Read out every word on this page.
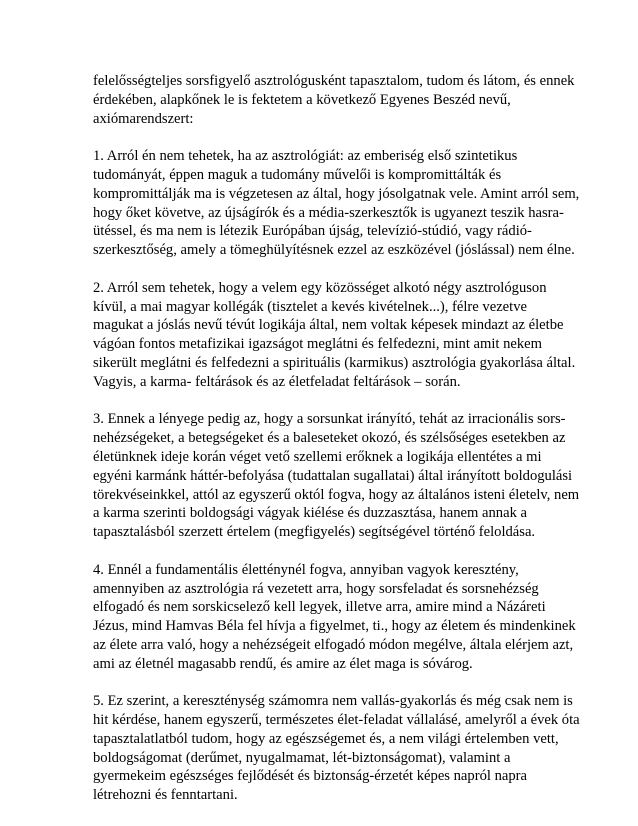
felelősségteljes sorsfigyelő asztrológusként tapasztalom, tudom és látom, és ennek
érdekében, alapkőnek le is fektetem a következő Egyenes Beszéd nevű,
axiómarendszert:

1. Arról én nem tehetek, ha az asztrológiát: az emberiség első szintetikus
tudományát, éppen maguk a tudomány művelői is kompromittálták és
kompromittálják ma is végzetesen az által, hogy jósolgatnak vele. Amint arról sem,
hogy őket követve, az újságírók és a média-szerkesztők is ugyanezt teszik hasra-
ütéssel, és ma nem is létezik Európában újság, televízió-stúdió, vagy rádió-
szerkesztőség, amely a tömeghülyítésnek ezzel az eszközével (jóslással) nem élne.

2. Arról sem tehetek, hogy a velem egy közösséget alkotó négy asztrológuson
kívül, a mai magyar kollégák (tisztelet a kevés kivételnek...), félre vezetve
magukat a jóslás nevű tévút logikája által, nem voltak képesek mindazt az életbe
vágóan fontos metafizikai igazságot meglátni és felfedezni, mint amit nekem
sikerült meglátni és felfedezni a spirituális (karmikus) asztrológia gyakorlása által.
Vagyis, a karma- feltárások és az életfeladat feltárások – során.

3. Ennek a lényege pedig az, hogy a sorsunkat irányító, tehát az irracionális sors-
nehézségeket, a betegségeket és a baleseteket okozó, és szélsőséges esetekben az
életünknek ideje korán véget vető szellemi erőknek a logikája ellentétes a mi
egyéni karmánk háttér-befolyása (tudattalan sugallatai) által irányított boldogulási
törekvéseinkkel, attól az egyszerű októl fogva, hogy az általános isteni életelv, nem
a karma szerinti boldogsági vágyak kiélése és duzzasztása, hanem annak a
tapasztalásból szerzett értelem (megfigyelés) segítségével történő feloldása.

4. Ennél a fundamentális életténynél fogva, annyiban vagyok keresztény,
amennyiben az asztrológia rá vezetett arra, hogy sorsfeladat és sorsnehézség
elfogadó és nem sorskicselező kell legyek, illetve arra, amire mind a Názáreti
Jézus, mind Hamvas Béla fel hívja a figyelmet, ti., hogy az életem és mindenkinek
az élete arra való, hogy a nehézségeit elfogadó módon megélve, általa elérjem azt,
ami az életnél magasabb rendű, és amire az élet maga is sóvárog.

5. Ez szerint, a kereszténység számomra nem vallás-gyakorlás és még csak nem is
hit kérdése, hanem egyszerű, természetes élet-feladat vállalásé, amelyről a évek óta
tapasztalatlatból tudom, hogy az egészségemet és, a nem világi értelemben vett,
boldogságomat (derűmet, nyugalmamat, lét-biztonságomat), valamint a
gyermekeim egészséges fejlődését és biztonság-érzetét képes napról napra
létrehozni és fenntartani.
